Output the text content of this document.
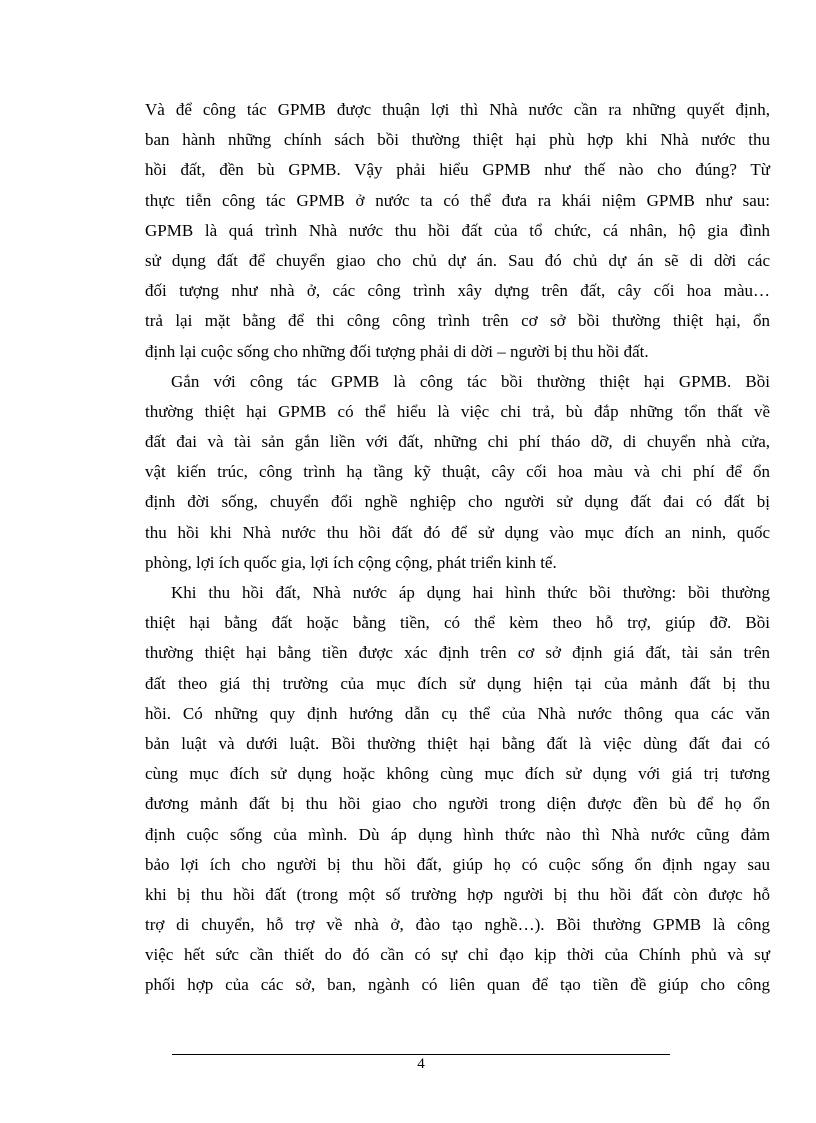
Và để công tác GPMB được thuận lợi thì Nhà nước cần ra những quyết định,
ban hành những chính sách bồi thường thiệt hại phù hợp khi Nhà nước thu
hồi đất, đền bù GPMB. Vậy phải hiểu GPMB như thế nào cho đúng? Từ
thực tiễn công tác GPMB ở nước ta có thể đưa ra khái niệm GPMB như sau:
GPMB là quá trình Nhà nước thu hồi đất của tổ chức, cá nhân, hộ gia đình
sử dụng đất để chuyển giao cho chủ dự án. Sau đó chủ dự án sẽ di dời các
đối tượng như nhà ở, các công trình xây dựng trên đất, cây cối hoa màu…
trả lại mặt bằng để thi công công trình trên cơ sở bồi thường thiệt hại, ổn
định lại cuộc sống cho những đối tượng phải di dời – người bị thu hồi đất.
Gắn với công tác GPMB là công tác bồi thường thiệt hại GPMB. Bồi
thường thiệt hại GPMB có thể hiểu là việc chi trả, bù đắp những tổn thất về
đất đai và tài sản gắn liền với đất, những chi phí tháo dỡ, di chuyển nhà cửa,
vật kiến trúc, công trình hạ tầng kỹ thuật, cây cối hoa màu và chi phí để ổn
định đời sống, chuyển đổi nghề nghiệp cho người sử dụng đất đai có đất bị
thu hồi khi Nhà nước thu hồi đất đó để sử dụng vào mục đích an ninh, quốc
phòng, lợi ích quốc gia, lợi ích cộng cộng, phát triển kinh tế.
Khi thu hồi đất, Nhà nước áp dụng hai hình thức bồi thường: bồi thường
thiệt hại bằng đất hoặc bằng tiền, có thể kèm theo hỗ trợ, giúp đỡ. Bồi
thường thiệt hại bằng tiền được xác định trên cơ sở định giá đất, tài sản trên
đất theo giá thị trường của mục đích sử dụng hiện tại của mảnh đất bị thu
hồi. Có những quy định hướng dẫn cụ thể của Nhà nước thông qua các văn
bản luật và dưới luật. Bồi thường thiệt hại bằng đất là việc dùng đất đai có
cùng mục đích sử dụng hoặc không cùng mục đích sử dụng với giá trị tương
đương mảnh đất bị thu hồi giao cho người trong diện được đền bù để họ ổn
định cuộc sống của mình. Dù áp dụng hình thức nào thì Nhà nước cũng đảm
bảo lợi ích cho người bị thu hồi đất, giúp họ có cuộc sống ổn định ngay sau
khi bị thu hồi đất (trong một số trường hợp người bị thu hồi đất còn được hỗ
trợ di chuyển, hỗ trợ về nhà ở, đào tạo nghề…). Bồi thường GPMB là công
việc hết sức cần thiết do đó cần có sự chỉ đạo kịp thời của Chính phủ và sự
phối hợp của các sở, ban, ngành có liên quan để tạo tiền đề giúp cho công
4
